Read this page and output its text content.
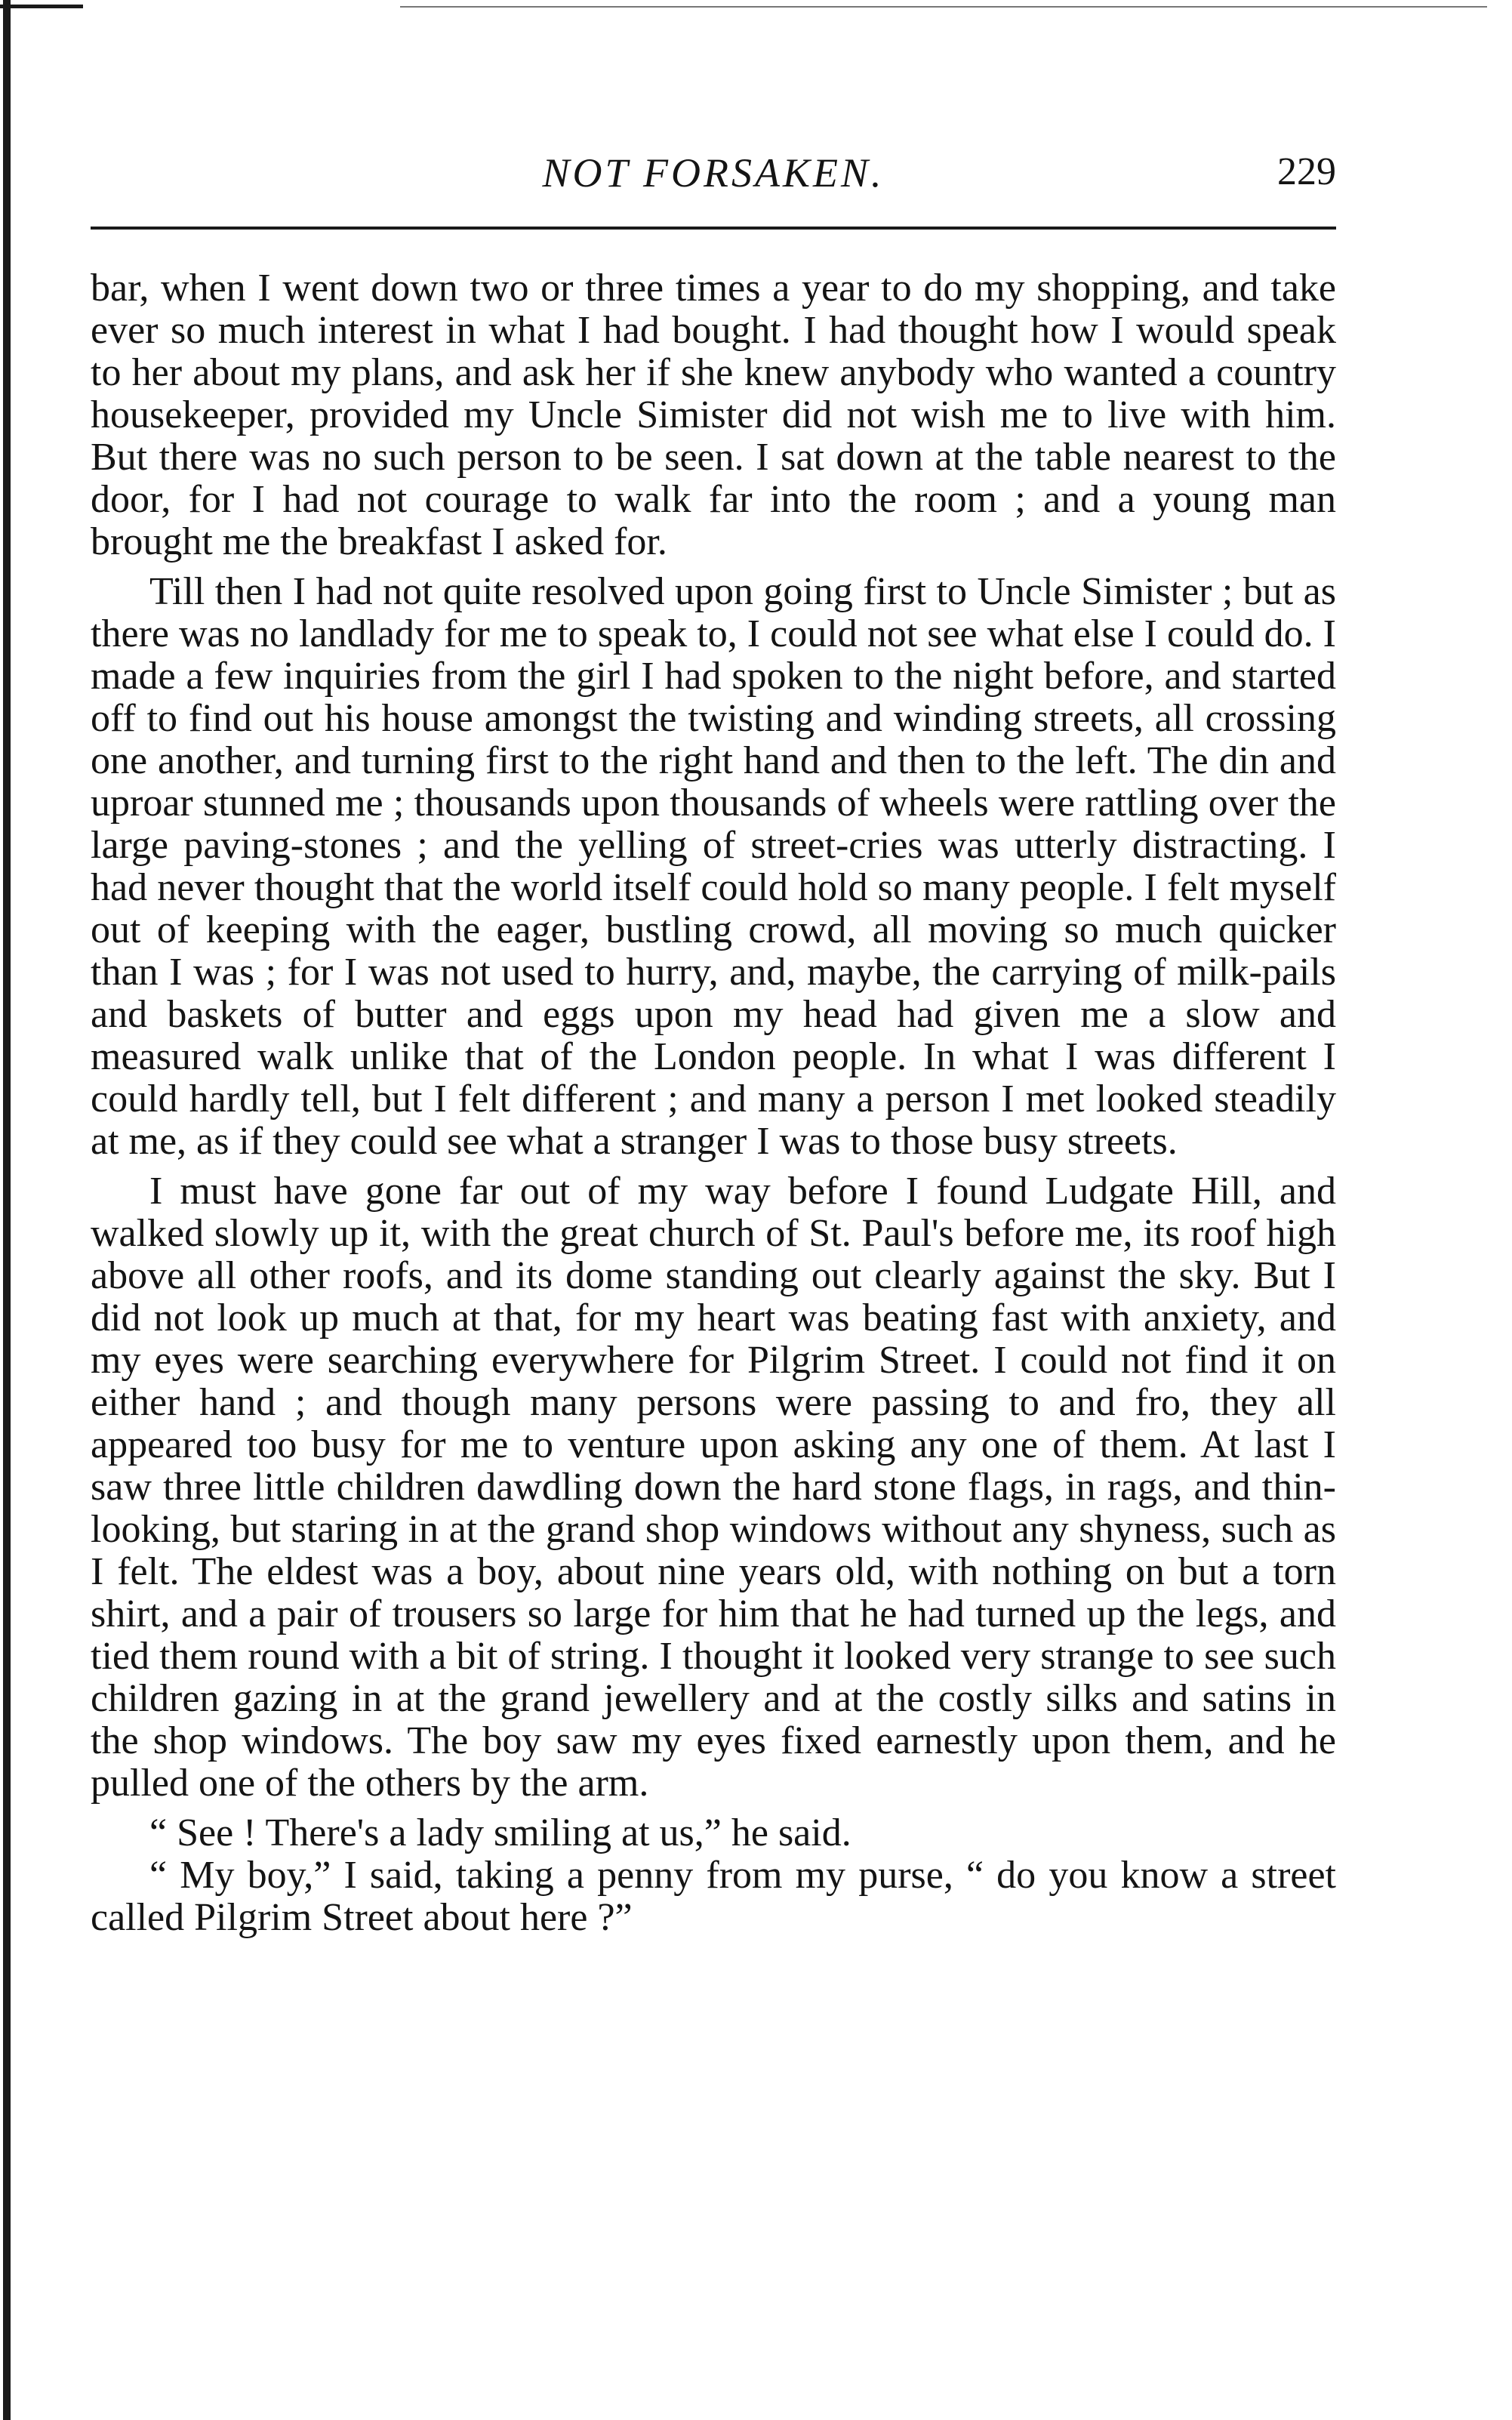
NOT FORSAKEN.	229

bar, when I went down two or three times a year to do my shopping, and take ever so much interest in what I had bought. I had thought how I would speak to her about my plans, and ask her if she knew anybody who wanted a country housekeeper, provided my Uncle Simister did not wish me to live with him. But there was no such person to be seen. I sat down at the table nearest to the door, for I had not courage to walk far into the room ; and a young man brought me the breakfast I asked for.

Till then I had not quite resolved upon going first to Uncle Simister ; but as there was no landlady for me to speak to, I could not see what else I could do. I made a few inquiries from the girl I had spoken to the night before, and started off to find out his house amongst the twisting and winding streets, all crossing one another, and turning first to the right hand and then to the left. The din and uproar stunned me ; thousands upon thousands of wheels were rattling over the large paving-stones ; and the yelling of street-cries was utterly distracting. I had never thought that the world itself could hold so many people. I felt myself out of keeping with the eager, bustling crowd, all moving so much quicker than I was ; for I was not used to hurry, and, maybe, the carrying of milk-pails and baskets of butter and eggs upon my head had given me a slow and measured walk unlike that of the London people. In what I was different I could hardly tell, but I felt different ; and many a person I met looked steadily at me, as if they could see what a stranger I was to those busy streets.

I must have gone far out of my way before I found Ludgate Hill, and walked slowly up it, with the great church of St. Paul's before me, its roof high above all other roofs, and its dome standing out clearly against the sky. But I did not look up much at that, for my heart was beating fast with anxiety, and my eyes were searching everywhere for Pilgrim Street. I could not find it on either hand ; and though many persons were passing to and fro, they all appeared too busy for me to venture upon asking any one of them. At last I saw three little children dawdling down the hard stone flags, in rags, and thin-looking, but staring in at the grand shop windows without any shyness, such as I felt. The eldest was a boy, about nine years old, with nothing on but a torn shirt, and a pair of trousers so large for him that he had turned up the legs, and tied them round with a bit of string. I thought it looked very strange to see such children gazing in at the grand jewellery and at the costly silks and satins in the shop windows. The boy saw my eyes fixed earnestly upon them, and he pulled one of the others by the arm.

“ See ! There's a lady smiling at us,” he said.

“ My boy,” I said, taking a penny from my purse, “ do you know a street called Pilgrim Street about here ?”
